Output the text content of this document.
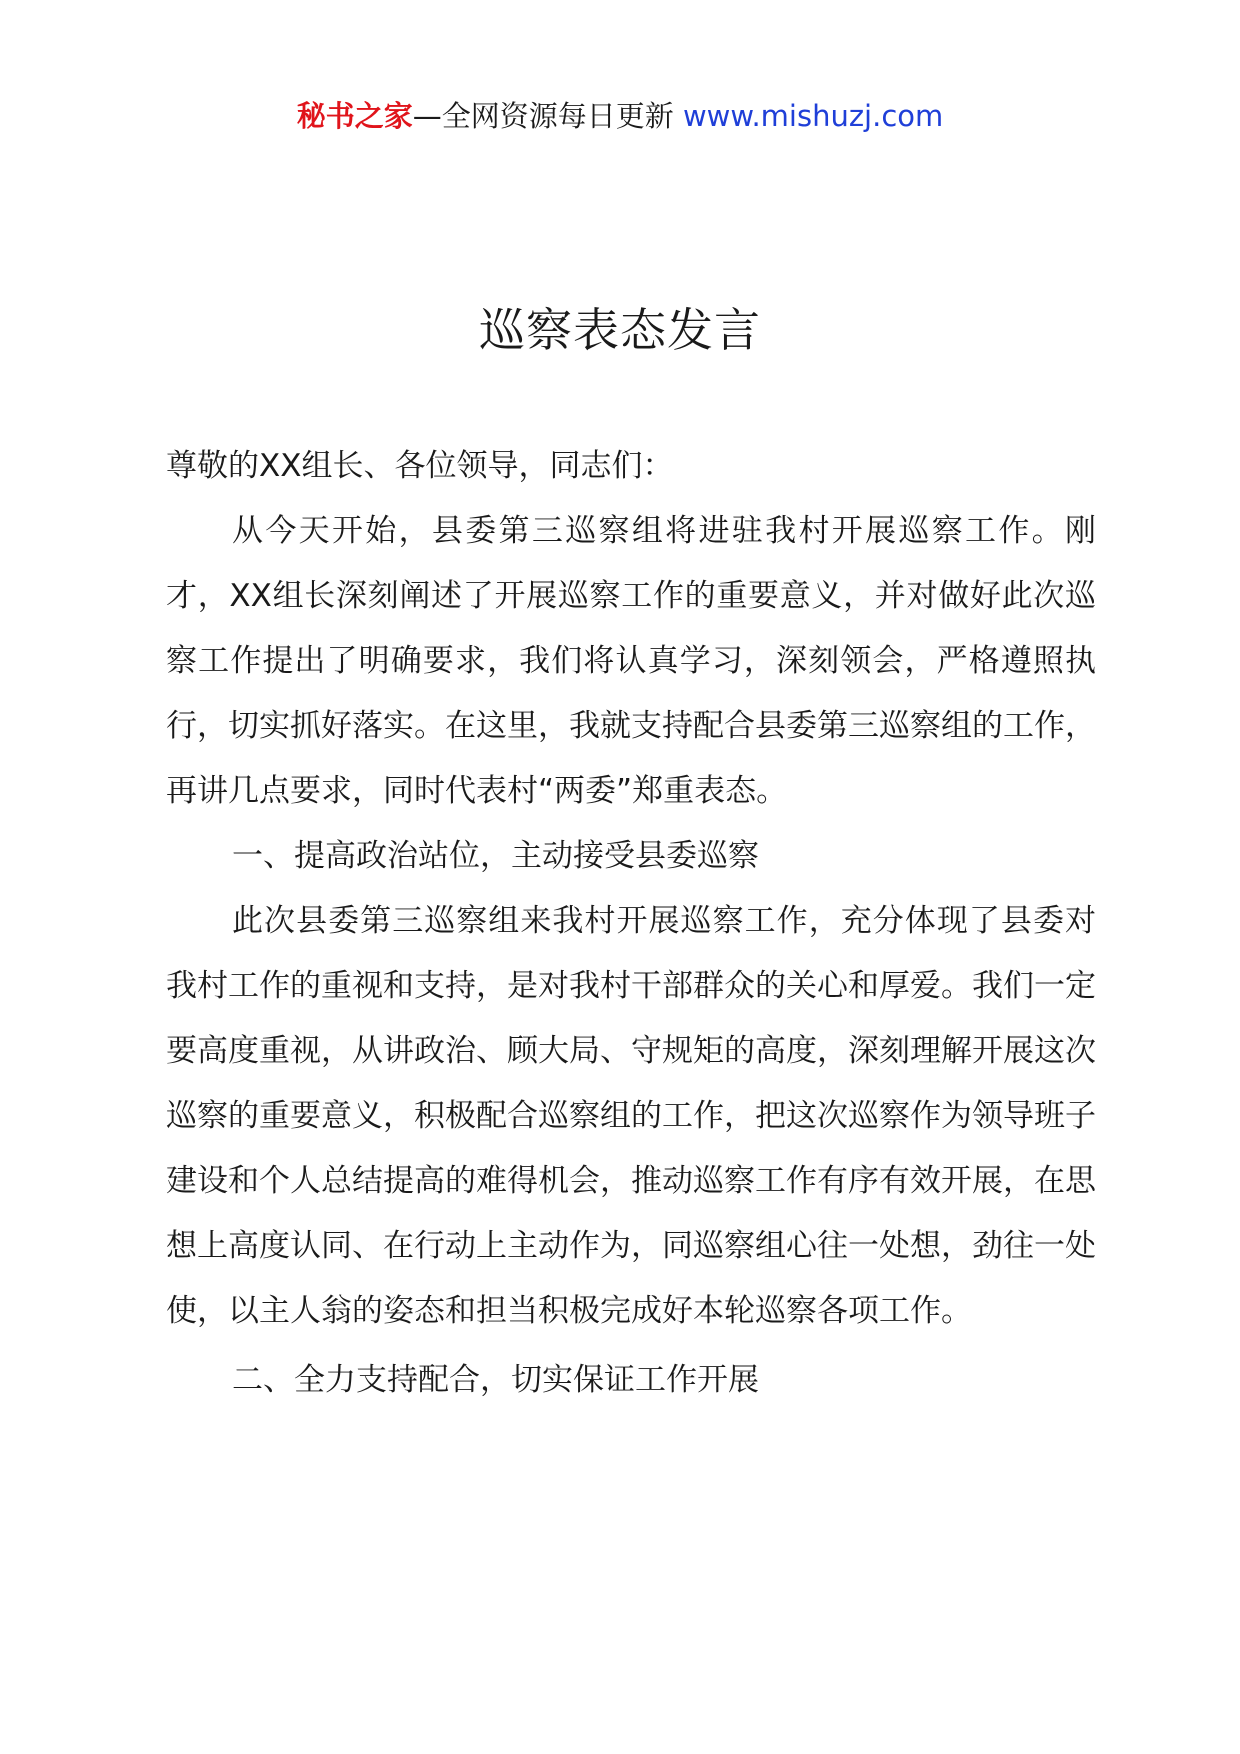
秘书之家—全网资源每日更新 www.mishuzj.com
巡察表态发言

尊敬的XX组长、各位领导，同志们：

从今天开始，县委第三巡察组将进驻我村开展巡察工作。刚才，XX组长深刻阐述了开展巡察工作的重要意义，并对做好此次巡察工作提出了明确要求，我们将认真学习，深刻领会，严格遵照执行，切实抓好落实。在这里，我就支持配合县委第三巡察组的工作，再讲几点要求，同时代表村“两委”郑重表态。

一、提高政治站位，主动接受县委巡察

此次县委第三巡察组来我村开展巡察工作，充分体现了县委对我村工作的重视和支持，是对我村干部群众的关心和厚爱。我们一定要高度重视，从讲政治、顾大局、守规矩的高度，深刻理解开展这次巡察的重要意义，积极配合巡察组的工作，把这次巡察作为领导班子建设和个人总结提高的难得机会，推动巡察工作有序有效开展，在思想上高度认同、在行动上主动作为，同巡察组心往一处想，劲往一处使，以主人翁的姿态和担当积极完成好本轮巡察各项工作。

二、全力支持配合，切实保证工作开展
